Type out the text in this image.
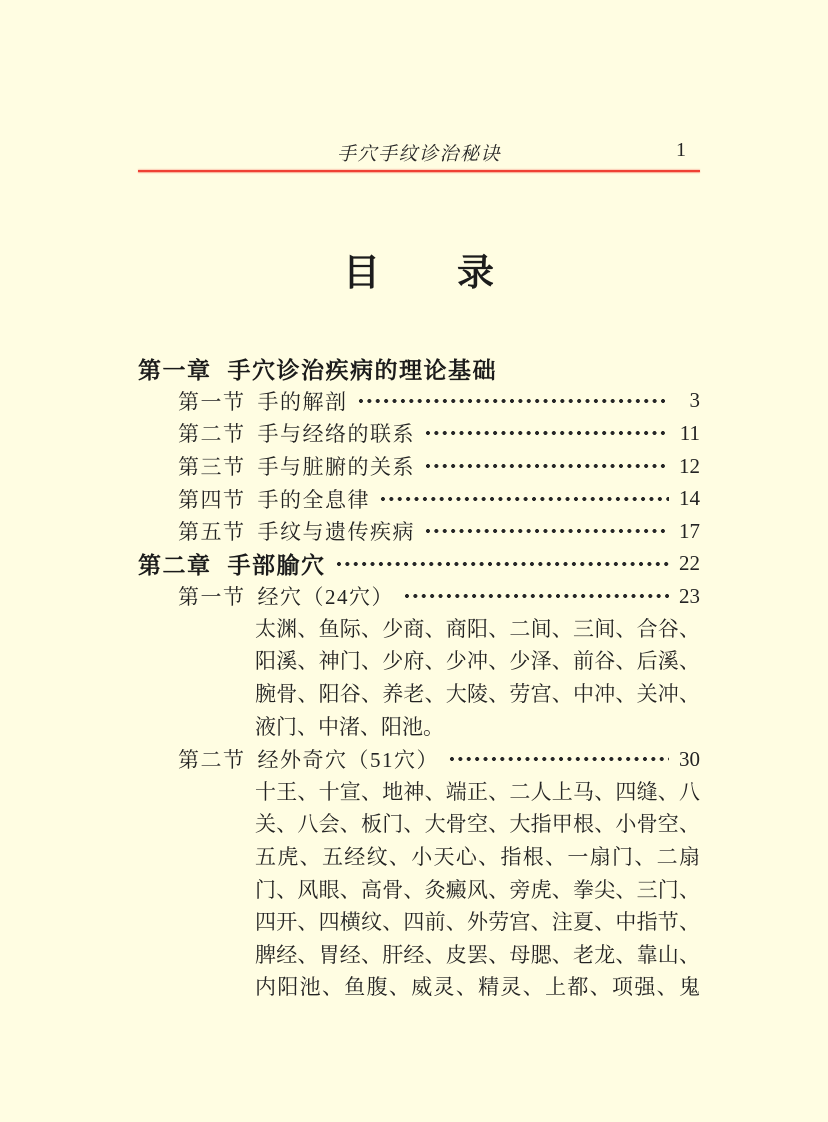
手穴手纹诊治秘诀	1
目　　录
第一章 手穴诊治疾病的理论基础
第一节 手的解剖	3
第二节 手与经络的联系	11
第三节 手与脏腑的关系	12
第四节 手的全息律	14
第五节 手纹与遗传疾病	17
第二章 手部腧穴	22
第一节 经穴（24穴）	23
太渊、鱼际、少商、商阳、二间、三间、合谷、
阳溪、神门、少府、少冲、少泽、前谷、后溪、
腕骨、阳谷、养老、大陵、劳宫、中冲、关冲、
液门、中渚、阳池。
第二节 经外奇穴（51穴）	30
十王、十宣、地神、端正、二人上马、四缝、八
关、八会、板门、大骨空、大指甲根、小骨空、
五虎、五经纹、小天心、指根、一扇门、二扇
门、风眼、高骨、灸癜风、旁虎、拳尖、三门、
四开、四横纹、四前、外劳宫、注夏、中指节、
脾经、胃经、肝经、皮罢、母腮、老龙、靠山、
内阳池、鱼腹、威灵、精灵、上都、项强、鬼
